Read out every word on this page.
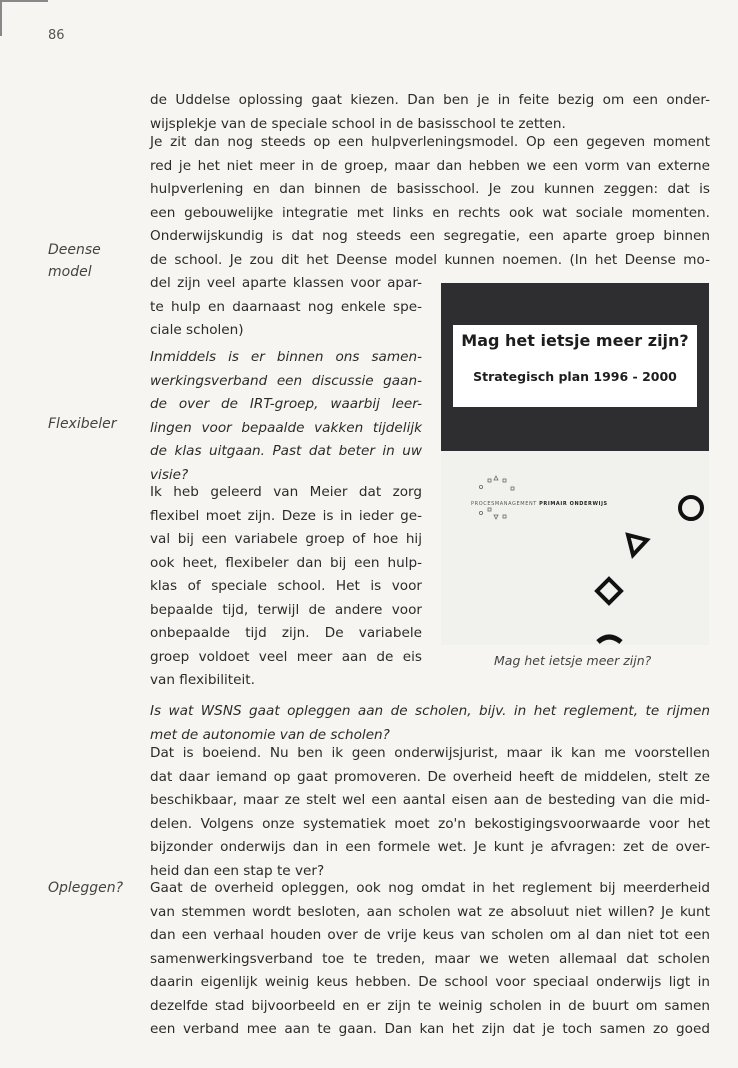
86
Deense
model
Flexibeler
Opleggen?
de Uddelse oplossing gaat kiezen. Dan ben je in feite bezig om een onder-
wijsplekje van de speciale school in de basisschool te zetten.
Je zit dan nog steeds op een hulpverleningsmodel. Op een gegeven moment
red je het niet meer in de groep, maar dan hebben we een vorm van externe
hulpverlening en dan binnen de basisschool. Je zou kunnen zeggen: dat is
een gebouwelijke integratie met links en rechts ook wat sociale momenten.
Onderwijskundig is dat nog steeds een segregatie, een aparte groep binnen
de school. Je zou dit het Deense model kunnen noemen. (In het Deense mo-
del zijn veel aparte klassen voor apar-
te hulp en daarnaast nog enkele spe-
ciale scholen)
Inmiddels is er binnen ons samen-
werkingsverband een discussie gaan-
de over de IRT-groep, waarbij leer-
lingen voor bepaalde vakken tijdelijk
de klas uitgaan. Past dat beter in uw
visie?
Ik heb geleerd van Meier dat zorg
flexibel moet zijn. Deze is in ieder ge-
val bij een variabele groep of hoe hij
ook heet, flexibeler dan bij een hulp-
klas of speciale school. Het is voor
bepaalde tijd, terwijl de andere voor
onbepaalde tijd zijn. De variabele
groep voldoet veel meer aan de eis
van flexibiliteit.
Mag het ietsje meer zijn?
Strategisch plan 1996 - 2000
PROCESMANAGEMENT PRIMAIR ONDERWIJS
Mag het ietsje meer zijn?
Is wat WSNS gaat opleggen aan de scholen, bijv. in het reglement, te rijmen
met de autonomie van de scholen?
Dat is boeiend. Nu ben ik geen onderwijsjurist, maar ik kan me voorstellen
dat daar iemand op gaat promoveren. De overheid heeft de middelen, stelt ze
beschikbaar, maar ze stelt wel een aantal eisen aan de besteding van die mid-
delen. Volgens onze systematiek moet zo'n bekostigingsvoorwaarde voor het
bijzonder onderwijs dan in een formele wet. Je kunt je afvragen: zet de over-
heid dan een stap te ver?
Gaat de overheid opleggen, ook nog omdat in het reglement bij meerderheid
van stemmen wordt besloten, aan scholen wat ze absoluut niet willen? Je kunt
dan een verhaal houden over de vrije keus van scholen om al dan niet tot een
samenwerkingsverband toe te treden, maar we weten allemaal dat scholen
daarin eigenlijk weinig keus hebben. De school voor speciaal onderwijs ligt in
dezelfde stad bijvoorbeeld en er zijn te weinig scholen in de buurt om samen
een verband mee aan te gaan. Dan kan het zijn dat je toch samen zo goed
